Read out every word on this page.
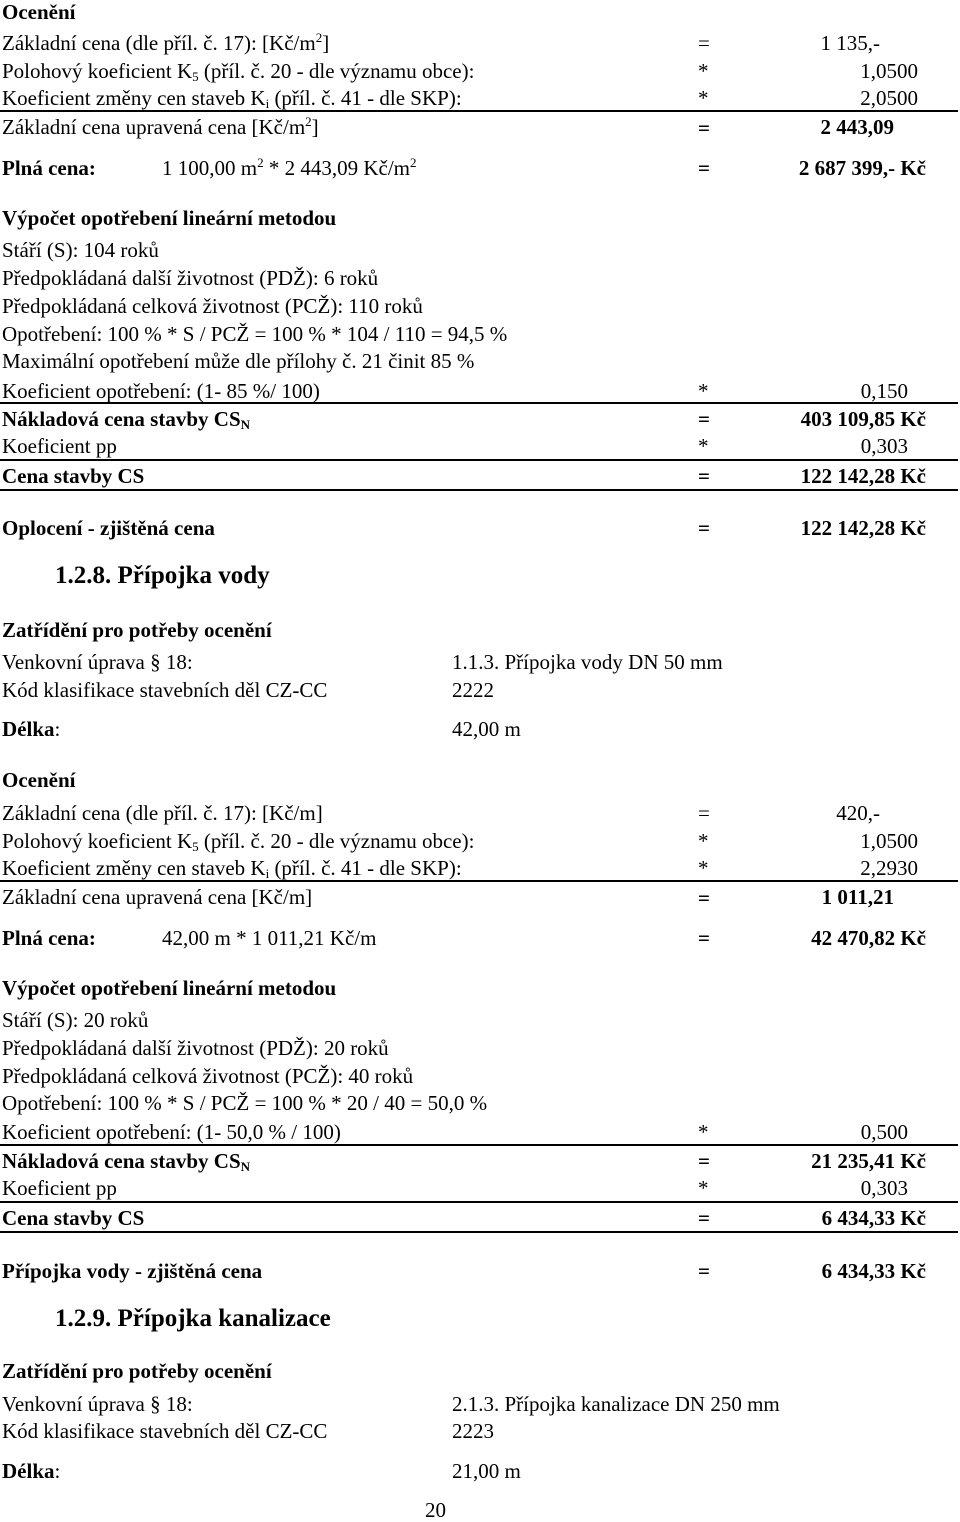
Ocenění
Základní cena (dle příl. č. 17): $[Kč/m^2]$	=	1 135,-
Polohový koeficient $K_5$ (příl. č. 20 - dle významu obce):	*	1,0500
Koeficient změny cen staveb $K_i$ (příl. č. 41 - dle SKP):	*	2,0500
Základní cena upravená cena $[Kč/m^2]$	=	2 443,09
Plná cena:	1 100,00 $m^2 * 2$ 443,09 $Kč/m^2$	=	2 687 399,- Kč
Výpočet opotřebení lineární metodou
Stáří (S): 104 roků
Předpokládaná další životnost (PDŽ): 6 roků
Předpokládaná celková životnost (PCŽ): 110 roků
Opotřebení: 100 % * S / PCŽ = 100 % * 104 / 110 = 94,5 %
Maximální opotřebení může dle přílohy č. 21 činit 85 %
Koeficient opotřebení: (1- 85 %/ 100)	*	0,150
Nákladová cena stavby $CS_N$	=	403 109,85 Kč
Koeficient pp	*	0,303
Cena stavby CS	=	122 142,28 Kč
Oplocení - zjištěná cena	=	122 142,28 Kč
1.2.8. Přípojka vody
Zatřídění pro potřeby ocenění
Venkovní úprava § 18:	1.1.3. Přípojka vody DN 50 mm
Kód klasifikace stavebních děl CZ-CC	2222
Délka:	42,00 m
Ocenění
Základní cena (dle příl. č. 17): [Kč/m]	=	420,-
Polohový koeficient $K_5$ (příl. č. 20 - dle významu obce):	*	1,0500
Koeficient změny cen staveb $K_i$ (příl. č. 41 - dle SKP):	*	2,2930
Základní cena upravená cena [Kč/m]	=	1 011,21
Plná cena:	42,00 m * 1 011,21 Kč/m	=	42 470,82 Kč
Výpočet opotřebení lineární metodou
Stáří (S): 20 roků
Předpokládaná další životnost (PDŽ): 20 roků
Předpokládaná celková životnost (PCŽ): 40 roků
Opotřebení: 100 % * S / PCŽ = 100 % * 20 / 40 = 50,0 %
Koeficient opotřebení: (1- 50,0 % / 100)	*	0,500
Nákladová cena stavby $CS_N$	=	21 235,41 Kč
Koeficient pp	*	0,303
Cena stavby CS	=	6 434,33 Kč
Přípojka vody - zjištěná cena	=	6 434,33 Kč
1.2.9. Přípojka kanalizace
Zatřídění pro potřeby ocenění
Venkovní úprava § 18:	2.1.3. Přípojka kanalizace DN 250 mm
Kód klasifikace stavebních děl CZ-CC	2223
Délka:	21,00 m
20
